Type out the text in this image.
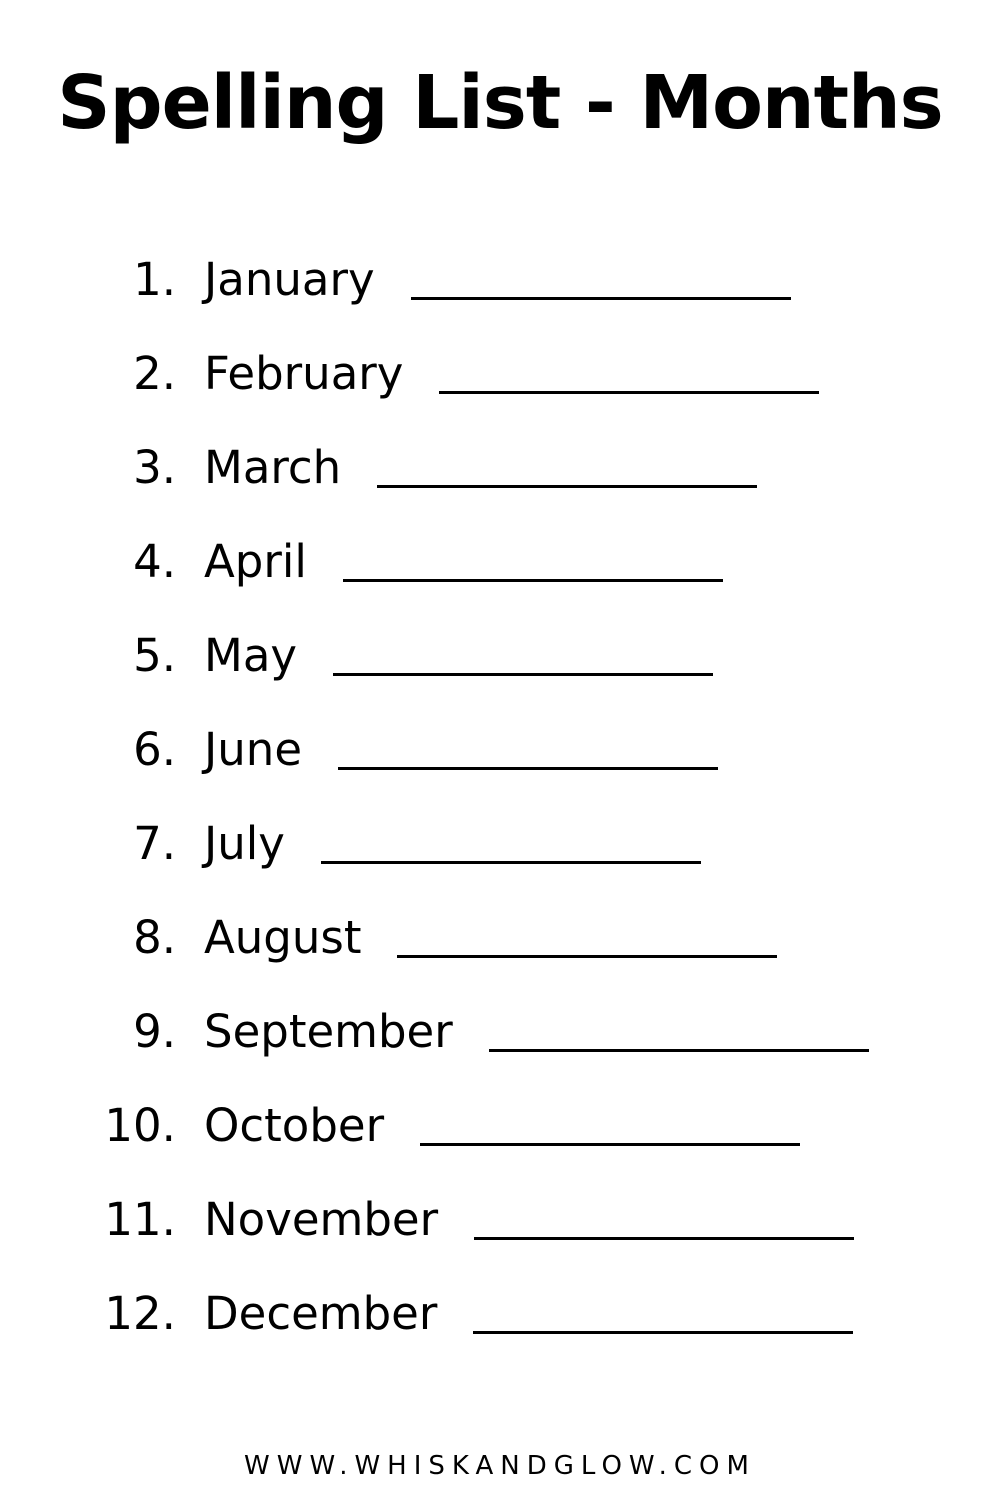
Spelling List - Months
1. January
2. February
3. March
4. April
5. May
6. June
7. July
8. August
9. September
10. October
11. November
12. December
WWW.WHISKANDGLOW.COM
